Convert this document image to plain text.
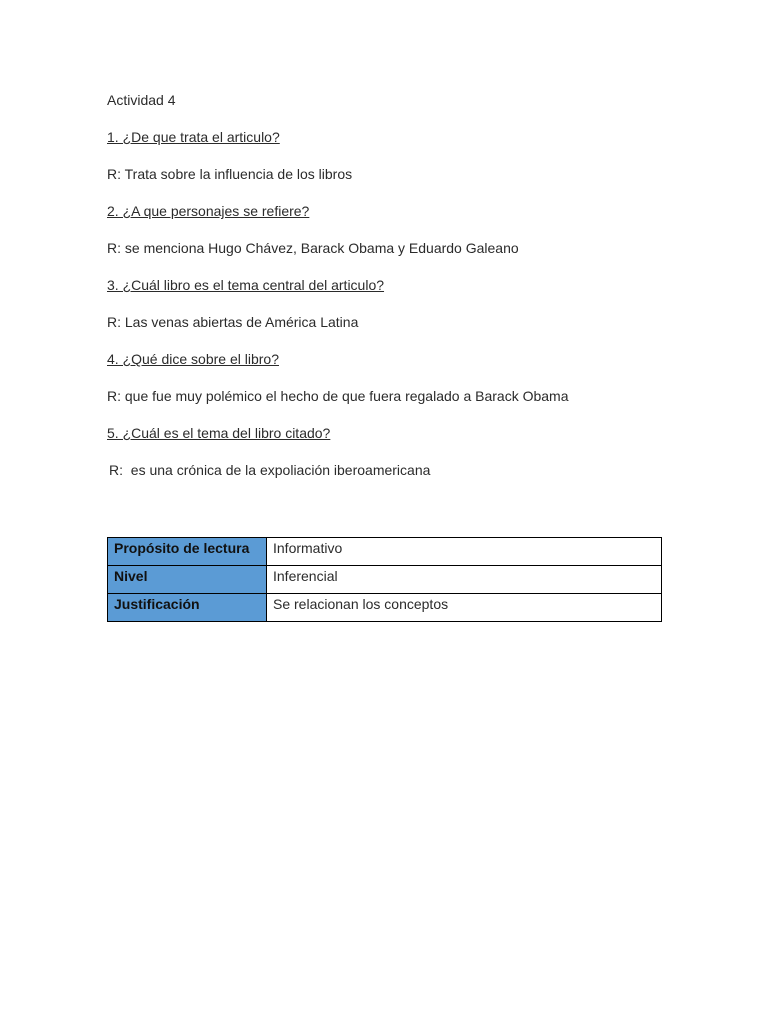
Actividad 4
1. ¿De que trata el articulo?
R: Trata sobre la influencia de los libros
2. ¿A que personajes se refiere?
R: se menciona Hugo Chávez, Barack Obama y Eduardo Galeano
3. ¿Cuál libro es el tema central del articulo?
R: Las venas abiertas de América Latina
4. ¿Qué dice sobre el libro?
R: que fue muy polémico el hecho de que fuera regalado a Barack Obama
5. ¿Cuál es el tema del libro citado?
R:  es una crónica de la expoliación iberoamericana
Propósito de lectura	Informativo
Nivel	Inferencial
Justificación	Se relacionan los conceptos
